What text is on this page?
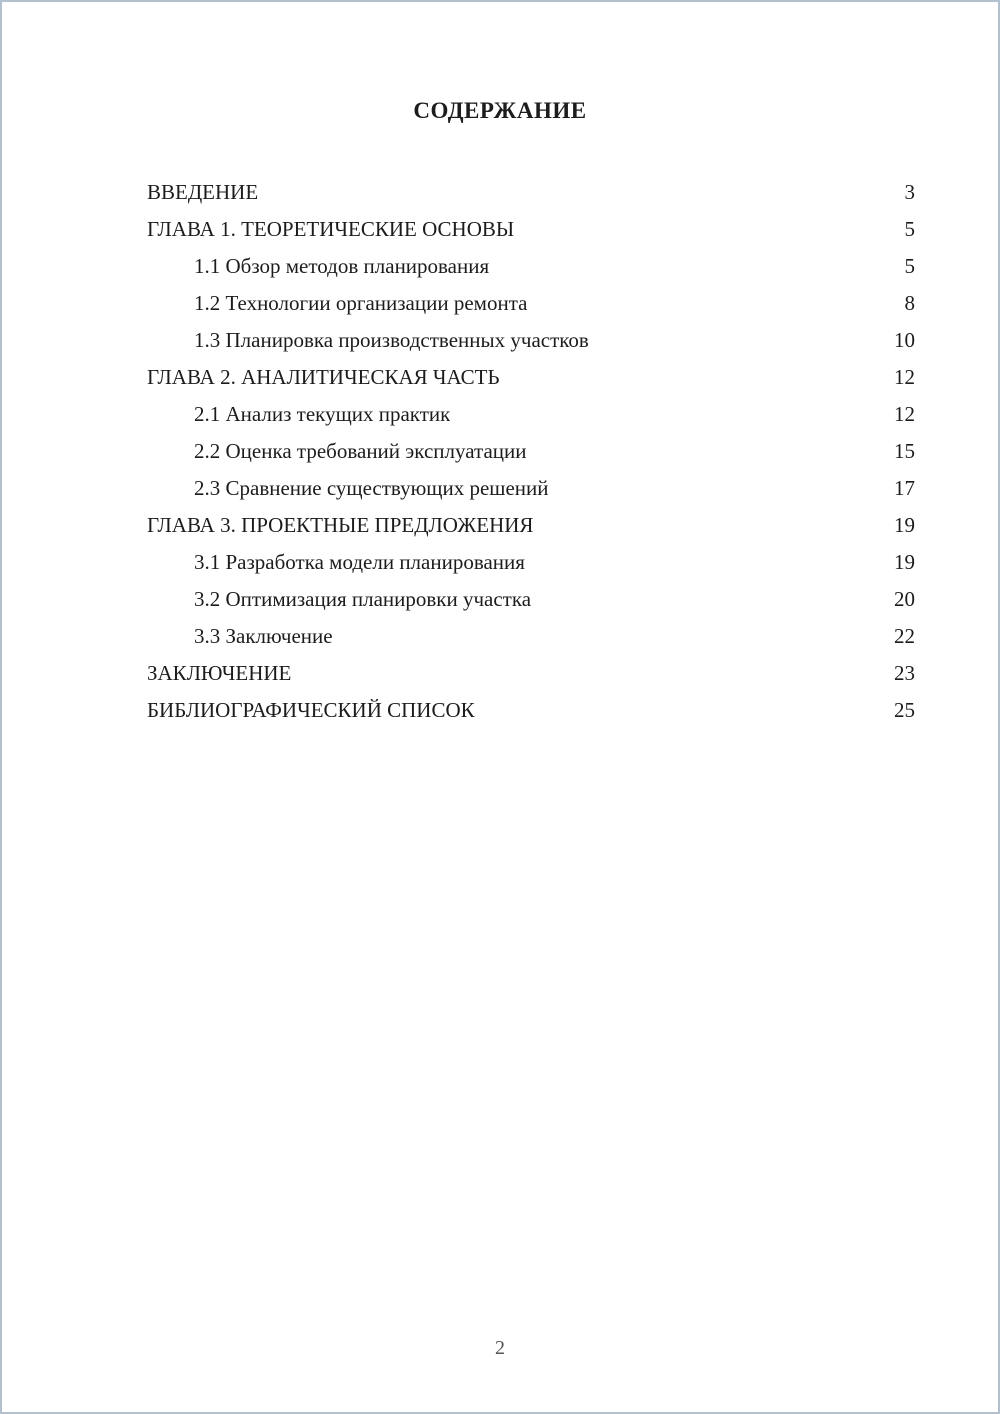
СОДЕРЖАНИЕ
ВВЕДЕНИЕ	3
ГЛАВА 1. ТЕОРЕТИЧЕСКИЕ ОСНОВЫ	5
1.1 Обзор методов планирования	5
1.2 Технологии организации ремонта	8
1.3 Планировка производственных участков	10
ГЛАВА 2. АНАЛИТИЧЕСКАЯ ЧАСТЬ	12
2.1 Анализ текущих практик	12
2.2 Оценка требований эксплуатации	15
2.3 Сравнение существующих решений	17
ГЛАВА 3. ПРОЕКТНЫЕ ПРЕДЛОЖЕНИЯ	19
3.1 Разработка модели планирования	19
3.2 Оптимизация планировки участка	20
3.3 Заключение	22
ЗАКЛЮЧЕНИЕ	23
БИБЛИОГРАФИЧЕСКИЙ СПИСОК	25
2
